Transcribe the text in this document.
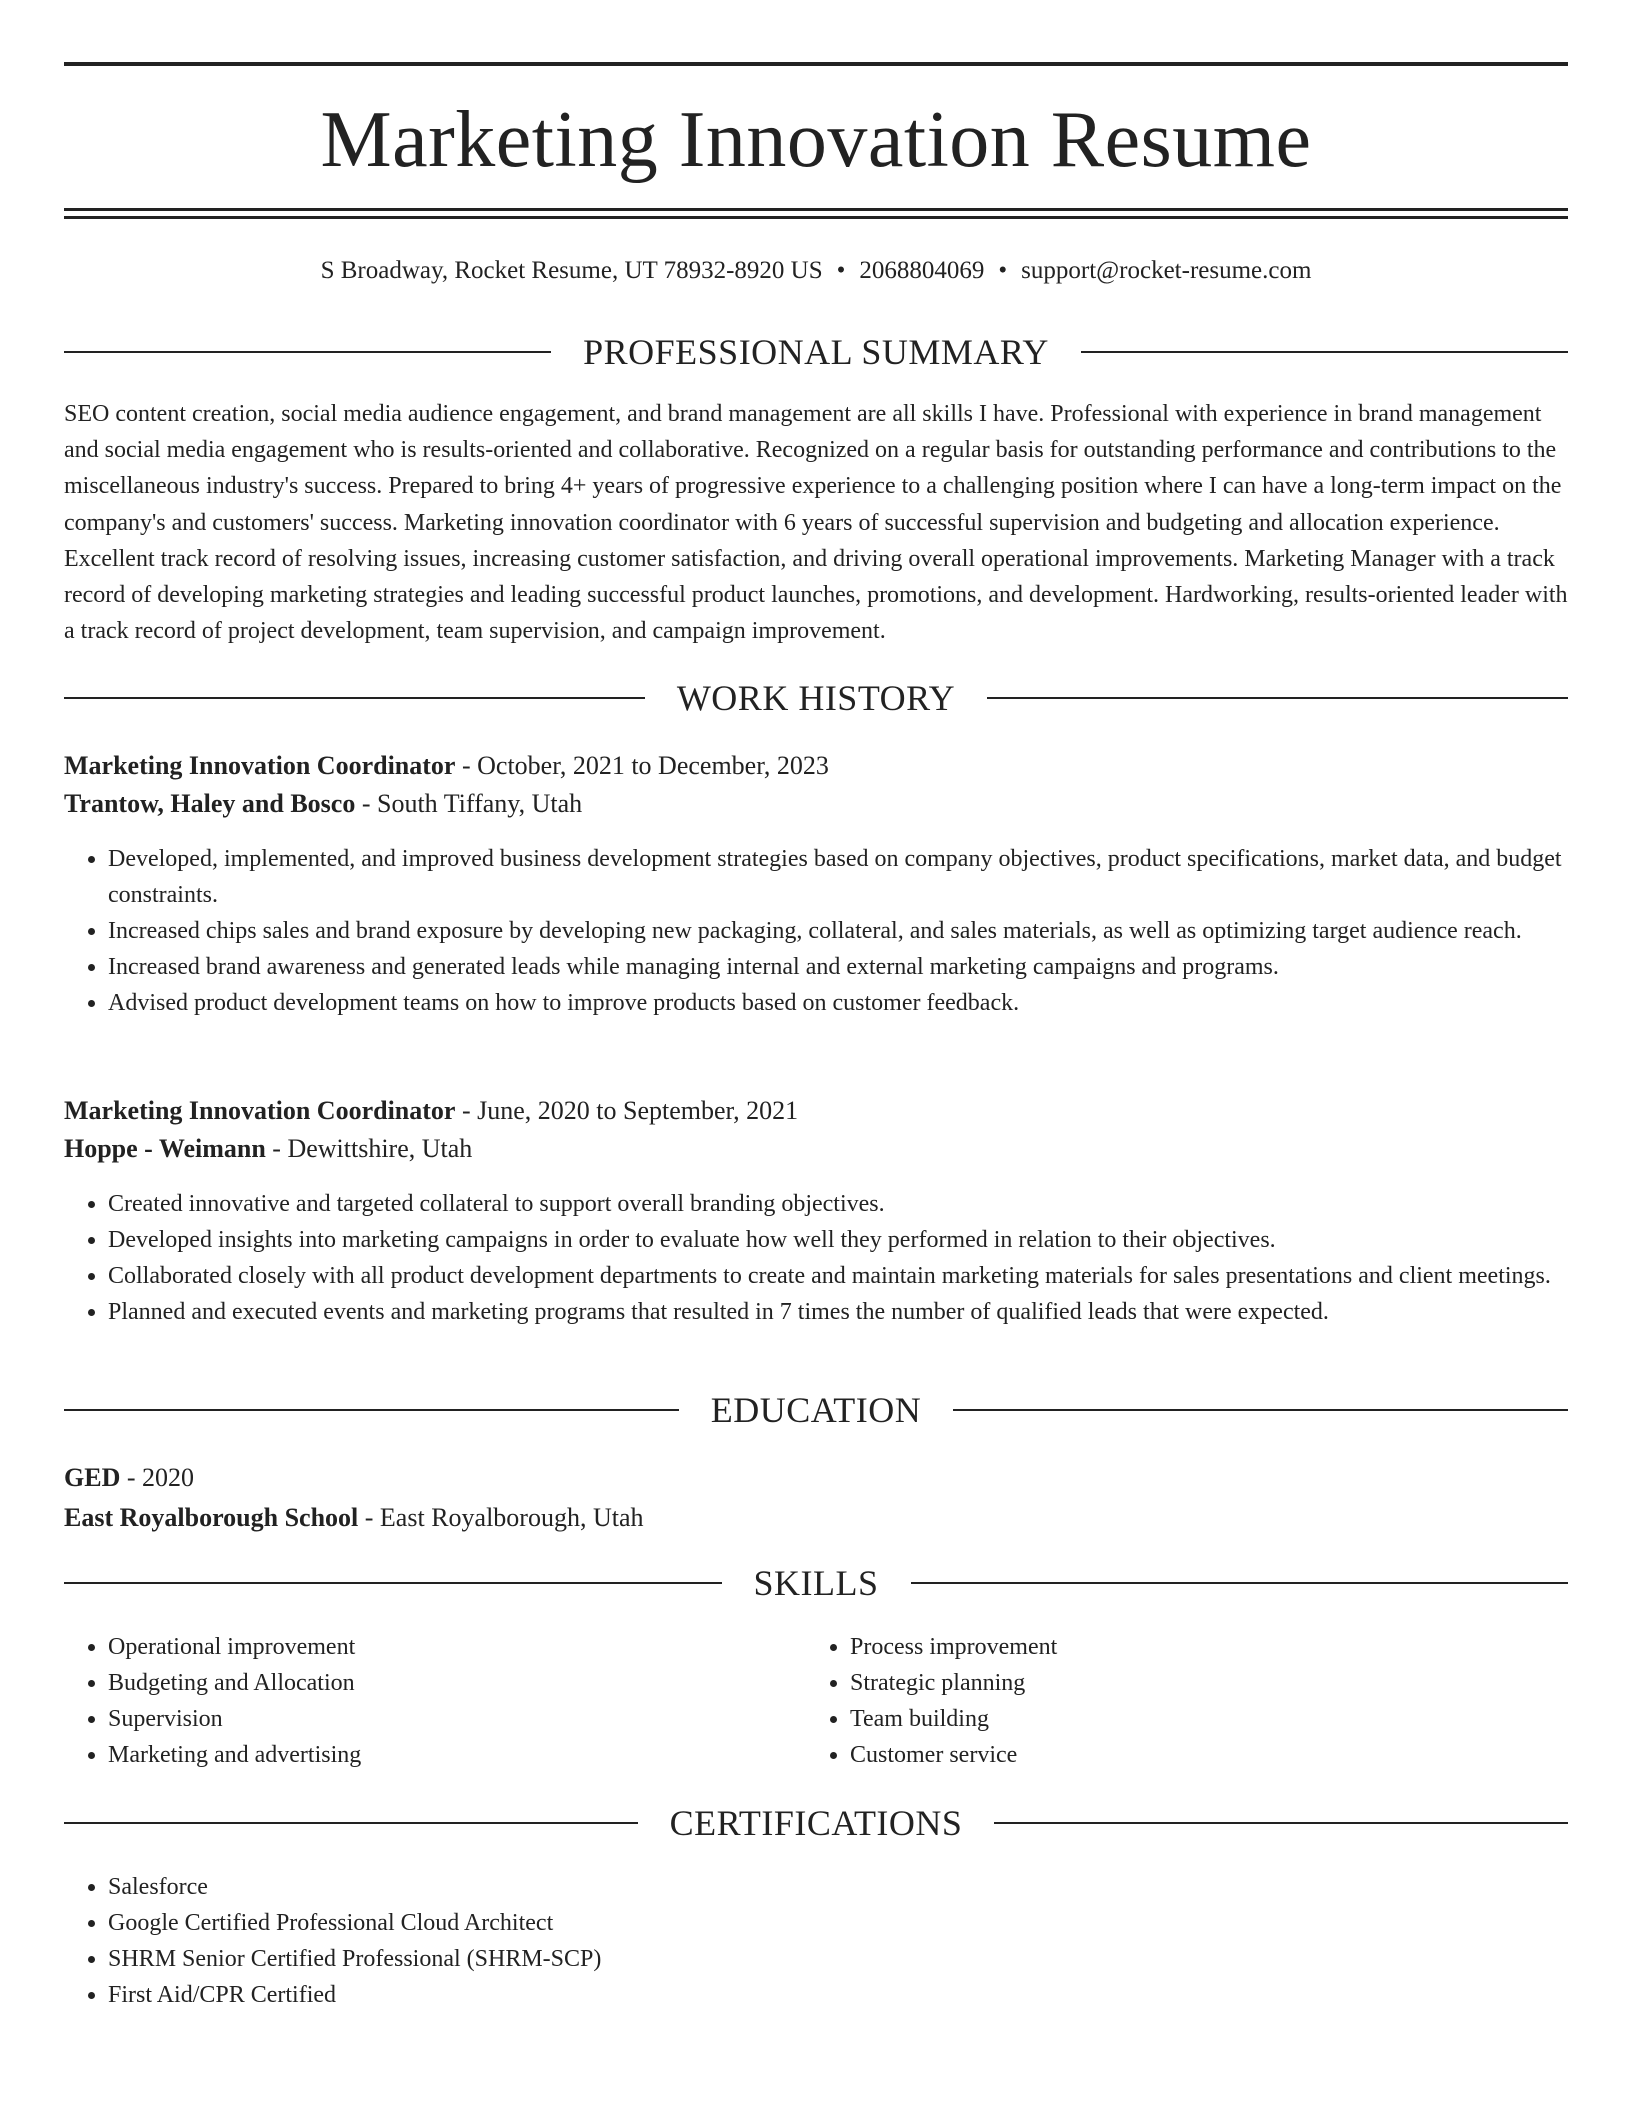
Marketing Innovation Resume
S Broadway, Rocket Resume, UT 78932-8920 US • 2068804069 • support@rocket-resume.com
PROFESSIONAL SUMMARY
SEO content creation, social media audience engagement, and brand management are all skills I have. Professional with experience in brand management and social media engagement who is results-oriented and collaborative. Recognized on a regular basis for outstanding performance and contributions to the miscellaneous industry's success. Prepared to bring 4+ years of progressive experience to a challenging position where I can have a long-term impact on the company's and customers' success. Marketing innovation coordinator with 6 years of successful supervision and budgeting and allocation experience. Excellent track record of resolving issues, increasing customer satisfaction, and driving overall operational improvements. Marketing Manager with a track record of developing marketing strategies and leading successful product launches, promotions, and development. Hardworking, results-oriented leader with a track record of project development, team supervision, and campaign improvement.
WORK HISTORY
Marketing Innovation Coordinator - October, 2021 to December, 2023
Trantow, Haley and Bosco - South Tiffany, Utah
• Developed, implemented, and improved business development strategies based on company objectives, product specifications, market data, and budget constraints.
• Increased chips sales and brand exposure by developing new packaging, collateral, and sales materials, as well as optimizing target audience reach.
• Increased brand awareness and generated leads while managing internal and external marketing campaigns and programs.
• Advised product development teams on how to improve products based on customer feedback.
Marketing Innovation Coordinator - June, 2020 to September, 2021
Hoppe - Weimann - Dewittshire, Utah
• Created innovative and targeted collateral to support overall branding objectives.
• Developed insights into marketing campaigns in order to evaluate how well they performed in relation to their objectives.
• Collaborated closely with all product development departments to create and maintain marketing materials for sales presentations and client meetings.
• Planned and executed events and marketing programs that resulted in 7 times the number of qualified leads that were expected.
EDUCATION
GED - 2020
East Royalborough School - East Royalborough, Utah
SKILLS
• Operational improvement
• Budgeting and Allocation
• Supervision
• Marketing and advertising
• Process improvement
• Strategic planning
• Team building
• Customer service
CERTIFICATIONS
• Salesforce
• Google Certified Professional Cloud Architect
• SHRM Senior Certified Professional (SHRM-SCP)
• First Aid/CPR Certified
